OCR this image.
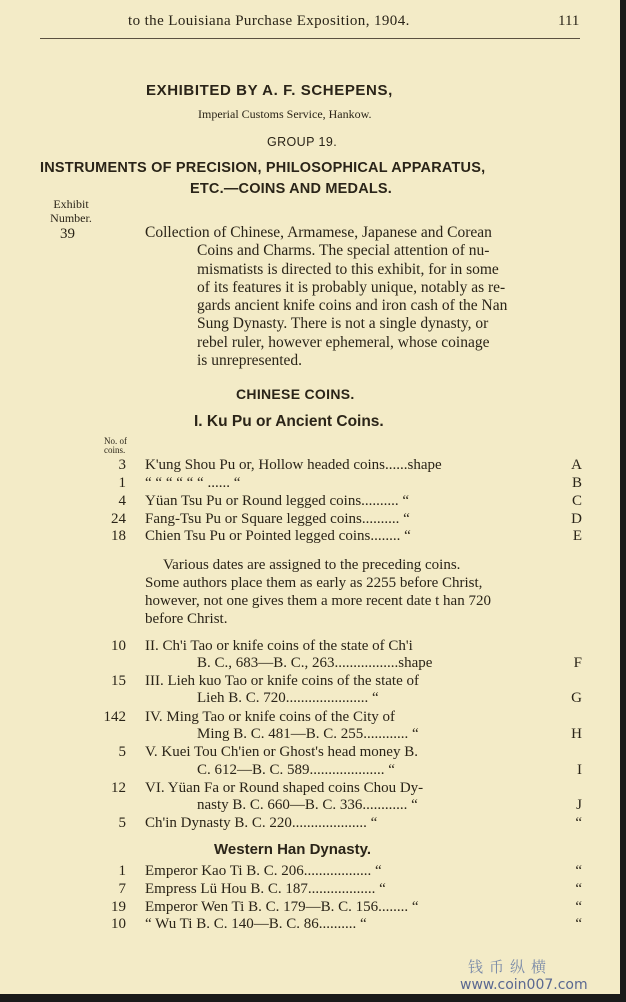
to the Louisiana Purchase Exposition, 1904.	111
EXHIBITED BY A. F. SCHEPENS,
Imperial Customs Service, Hankow.
GROUP 19.
INSTRUMENTS OF PRECISION, PHILOSOPHICAL APPARATUS,
ETC.—COINS AND MEDALS.
Exhibit Number.
39	Collection of Chinese, Armamese, Japanese and Corean
Coins and Charms. The special attention of nu-
mismatists is directed to this exhibit, for in some
of its features it is probably unique, notably as re-
gards ancient knife coins and iron cash of the Nan
Sung Dynasty. There is not a single dynasty, or
rebel ruler, however ephemeral, whose coinage
is unrepresented.
CHINESE COINS.
I. Ku Pu or Ancient Coins.
No. of coins.
3 K'ung Shou Pu or, Hollow headed coins......shape	A
1 “ “ “ “ “ “ ...... “	B
4 Yüan Tsu Pu or Round legged coins.......... “	C
24 Fang-Tsu Pu or Square legged coins.......... “	D
18 Chien Tsu Pu or Pointed legged coins........ “	E
Various dates are assigned to the preceding coins.
Some authors place them as early as 2255 before Christ,
however, not one gives them a more recent date t han 720
before Christ.
10 II. Ch'i Tao or knife coins of the state of Ch'i
B. C., 683—B. C., 263.................shape	F
15 III. Lieh kuo Tao or knife coins of the state of
Lieh B. C. 720...................... “	G
142 IV. Ming Tao or knife coins of the City of
Ming B. C. 481—B. C. 255............ “	H
5 V. Kuei Tou Ch'ien or Ghost's head money B.
C. 612—B. C. 589.................... “	I
12 VI. Yüan Fa or Round shaped coins Chou Dy-
nasty B. C. 660—B. C. 336............ “	J
5 Ch'in Dynasty B. C. 220.................... “	“
Western Han Dynasty.
1 Emperor Kao Ti B. C. 206.................. “	“
7 Empress Lü Hou B. C. 187.................. “	“
19 Emperor Wen Ti B. C. 179—B. C. 156........ “	“
10 “ Wu Ti B. C. 140—B. C. 86.......... “	“
钱币纵横
www.coin007.com
